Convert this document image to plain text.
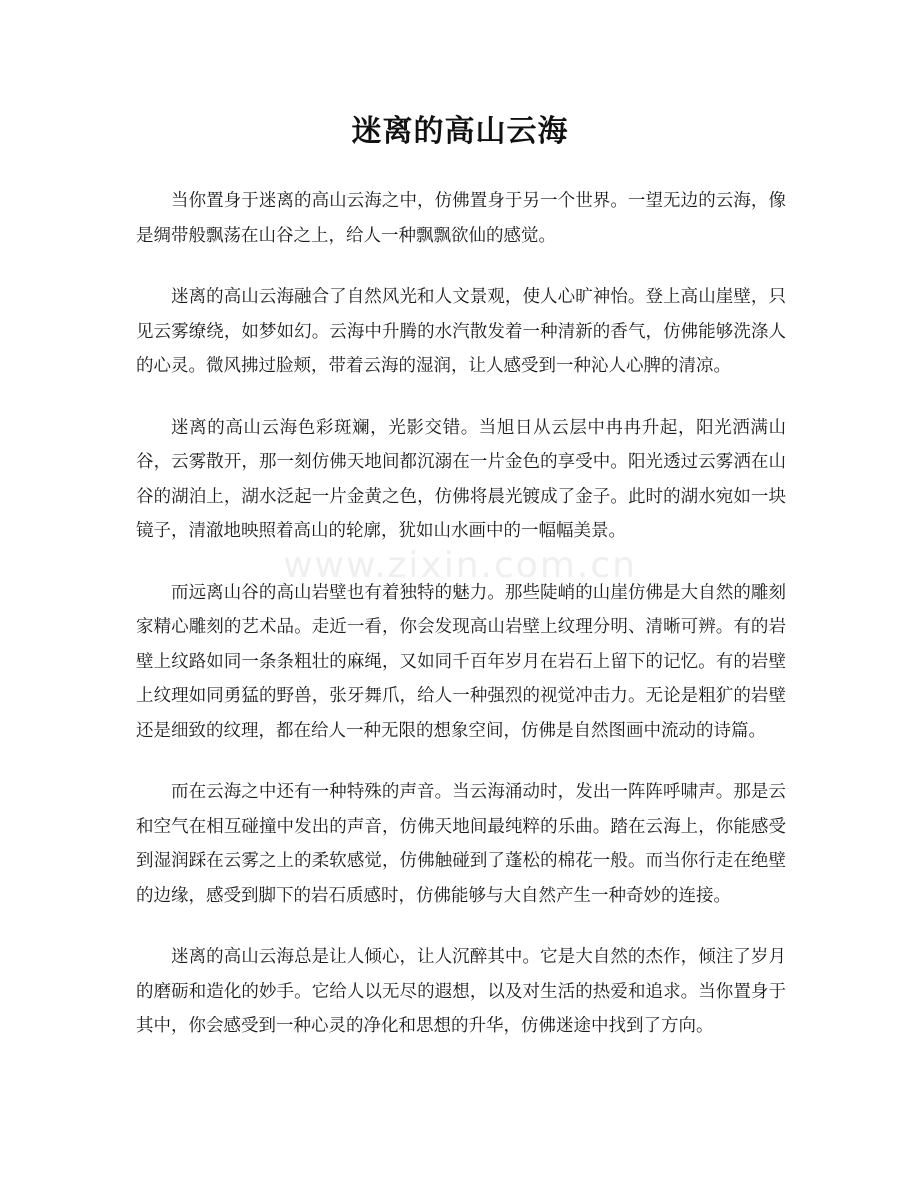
迷离的高山云海
www.zixin.com.cn

当你置身于迷离的高山云海之中，仿佛置身于另一个世界。一望无边的云海，像是绸带般飘荡在山谷之上，给人一种飘飘欲仙的感觉。

迷离的高山云海融合了自然风光和人文景观，使人心旷神怡。登上高山崖壁，只见云雾缭绕，如梦如幻。云海中升腾的水汽散发着一种清新的香气，仿佛能够洗涤人的心灵。微风拂过脸颊，带着云海的湿润，让人感受到一种沁人心脾的清凉。

迷离的高山云海色彩斑斓，光影交错。当旭日从云层中冉冉升起，阳光洒满山谷，云雾散开，那一刻仿佛天地间都沉溺在一片金色的享受中。阳光透过云雾洒在山谷的湖泊上，湖水泛起一片金黄之色，仿佛将晨光镀成了金子。此时的湖水宛如一块镜子，清澈地映照着高山的轮廓，犹如山水画中的一幅幅美景。

而远离山谷的高山岩壁也有着独特的魅力。那些陡峭的山崖仿佛是大自然的雕刻家精心雕刻的艺术品。走近一看，你会发现高山岩壁上纹理分明、清晰可辨。有的岩壁上纹路如同一条条粗壮的麻绳，又如同千百年岁月在岩石上留下的记忆。有的岩壁上纹理如同勇猛的野兽，张牙舞爪，给人一种强烈的视觉冲击力。无论是粗犷的岩壁还是细致的纹理，都在给人一种无限的想象空间，仿佛是自然图画中流动的诗篇。

而在云海之中还有一种特殊的声音。当云海涌动时，发出一阵阵呼啸声。那是云和空气在相互碰撞中发出的声音，仿佛天地间最纯粹的乐曲。踏在云海上，你能感受到湿润踩在云雾之上的柔软感觉，仿佛触碰到了蓬松的棉花一般。而当你行走在绝壁的边缘，感受到脚下的岩石质感时，仿佛能够与大自然产生一种奇妙的连接。

迷离的高山云海总是让人倾心，让人沉醉其中。它是大自然的杰作，倾注了岁月的磨砺和造化的妙手。它给人以无尽的遐想，以及对生活的热爱和追求。当你置身于其中，你会感受到一种心灵的净化和思想的升华，仿佛迷途中找到了方向。
